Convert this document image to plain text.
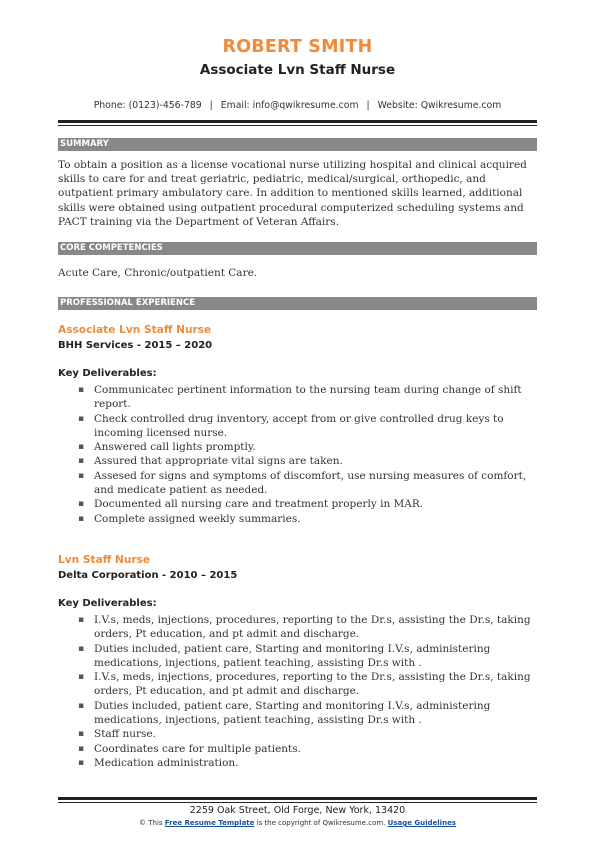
ROBERT SMITH
Associate Lvn Staff Nurse
Phone: (0123)-456-789 | Email: info@qwikresume.com | Website: Qwikresume.com
SUMMARY
To obtain a position as a license vocational nurse utilizing hospital and clinical acquired skills to care for and treat geriatric, pediatric, medical/surgical, orthopedic, and outpatient primary ambulatory care. In addition to mentioned skills learned, additional skills were obtained using outpatient procedural computerized scheduling systems and PACT training via the Department of Veteran Affairs.
CORE COMPETENCIES
Acute Care, Chronic/outpatient Care.
PROFESSIONAL EXPERIENCE
Associate Lvn Staff Nurse
BHH Services - 2015 – 2020
Key Deliverables:
▪ Communicatec pertinent information to the nursing team during change of shift report.
▪ Check controlled drug inventory, accept from or give controlled drug keys to incoming licensed nurse.
▪ Answered call lights promptly.
▪ Assured that appropriate vital signs are taken.
▪ Assesed for signs and symptoms of discomfort, use nursing measures of comfort, and medicate patient as needed.
▪ Documented all nursing care and treatment properly in MAR.
▪ Complete assigned weekly summaries.
Lvn Staff Nurse
Delta Corporation - 2010 – 2015
Key Deliverables:
▪ I.V.s, meds, injections, procedures, reporting to the Dr.s, assisting the Dr.s, taking orders, Pt education, and pt admit and discharge.
▪ Duties included, patient care, Starting and monitoring I.V.s, administering medications, injections, patient teaching, assisting Dr.s with .
▪ I.V.s, meds, injections, procedures, reporting to the Dr.s, assisting the Dr.s, taking orders, Pt education, and pt admit and discharge.
▪ Duties included, patient care, Starting and monitoring I.V.s, administering medications, injections, patient teaching, assisting Dr.s with .
▪ Staff nurse.
▪ Coordinates care for multiple patients.
▪ Medication administration.
2259 Oak Street, Old Forge, New York, 13420
© This Free Resume Template is the copyright of Qwikresume.com. Usage Guidelines
